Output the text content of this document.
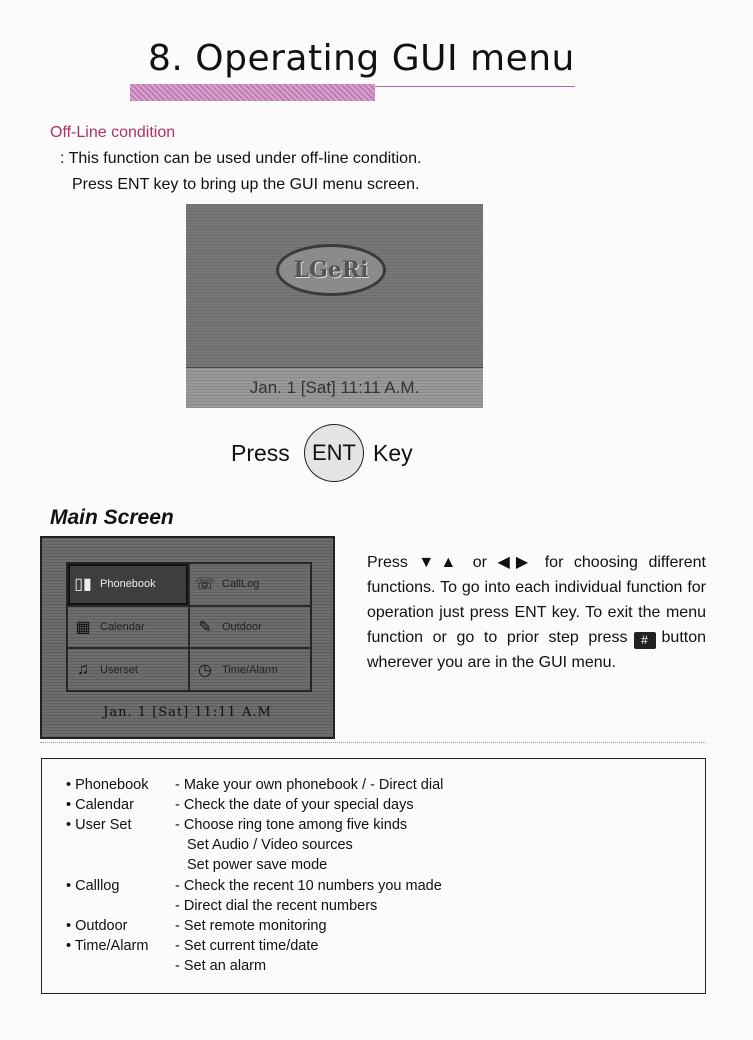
8. Operating GUI menu
Off-Line condition
: This function can be used under off-line condition.
Press ENT key to bring up the GUI menu screen.
LGeRi
Jan. 1 [Sat] 11:11 A.M.
Press ENT Key
Main Screen
▯▮ Phonebook ☏ CallLog
▦ Calendar	✎ Outdoor
♫	Userset	◷ Time/Alarm
Jan. 1 [Sat] 11:11 A.M

Press ▼▲ or ◀▶ for choosing different functions. To go into each individual function for operation just press ENT key. To exit the menu function or go to prior step press # button wherever you are in the GUI menu.

• Phonebook - Make your own phonebook / - Direct dial
• Calendar	- Check the date of your special days
• User Set	- Choose ring tone among five kinds
Set Audio / Video sources
Set power save mode
• Calllog	- Check the recent 10 numbers you made
- Direct dial the recent numbers
• Outdoor	- Set remote monitoring
• Time/Alarm - Set current time/date
- Set an alarm
